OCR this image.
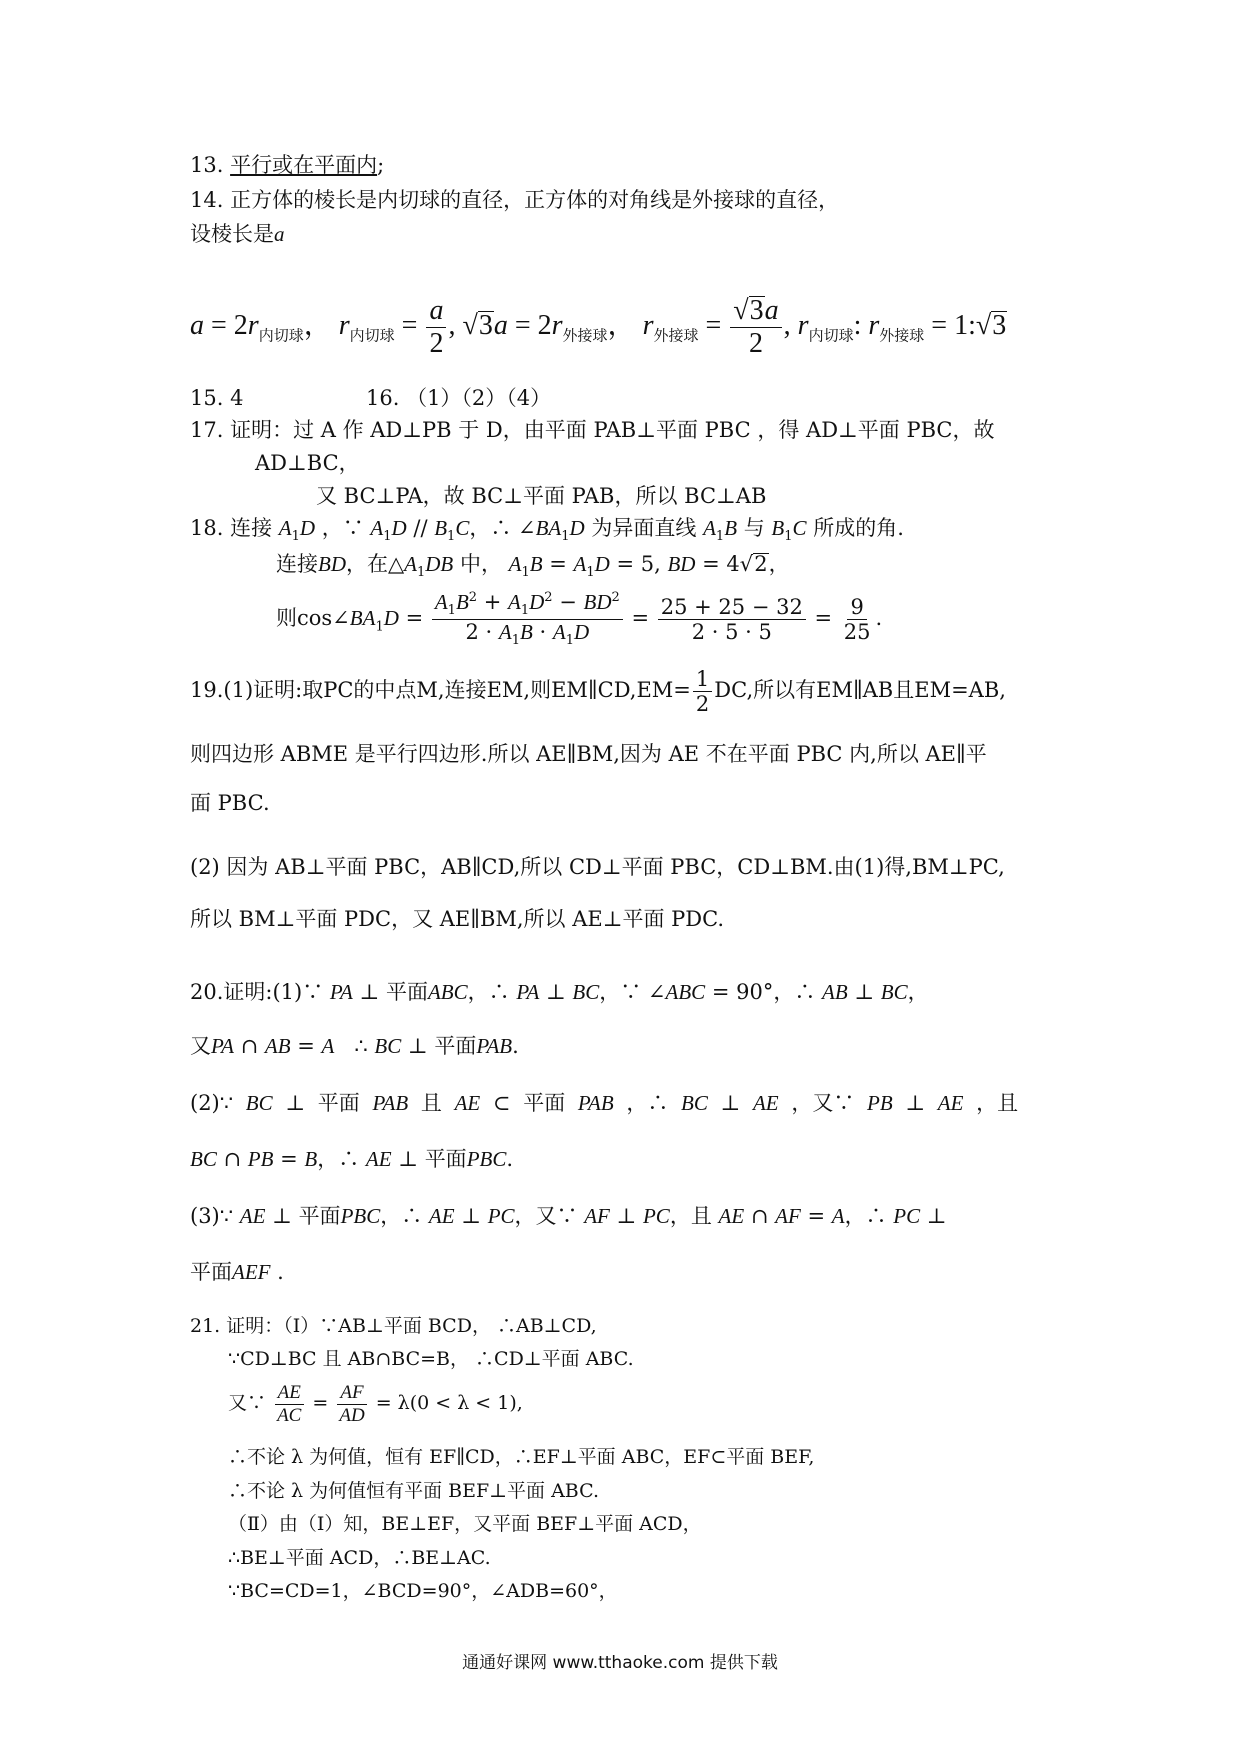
13. 平行或在平面内;
14. 正方体的棱长是内切球的直径，正方体的对角线是外接球的直径，
设棱长是a
$a = 2r_{内切球}$， $r_{内切球} = \frac{a}{2}$ , $√3a = 2r_{外接球}$， $r_{外接球} = \frac{√3a}{2}$ , $r_{内切球}$: $r_{外接球}$ = 1:√3
15. 4	16. （1）（2）（4）
17. 证明：过 A 作 AD⊥PB 于 D，由平面 PAB⊥平面 PBC ，得 AD⊥平面 PBC，故
AD⊥BC，
又 BC⊥PA，故 BC⊥平面 PAB，所以 BC⊥AB
18. 连接 $A_1D$ ，∵ $A_1D // B_1C$，∴ $\angle BA_1D$ 为异面直线 $A_1B$ 与 $B_1C$ 所成的角.
连接BD，在$\triangle A_1DB$ 中， $A_1B = A_1D = 5$, BD = 4√2，
则$\cos\angle BA_1D = \frac{A_1B^2 + A_1D^2 - BD^2}{2 \cdot A_1B \cdot A_1D} = \frac{25 + 25 - 32}{2 \cdot 5 \cdot 5} = \frac{9}{25}$ .
19.(1)证明:取PC的中点M,连接EM,则EM∥CD,EM= $\frac{1}{2}$ DC,所以有EM∥AB且EM=AB,
则四边形 ABME 是平行四边形.所以 AE∥BM,因为 AE 不在平面 PBC 内,所以 AE∥平
面 PBC.
(2) 因为 AB⊥平面 PBC，AB∥CD,所以 CD⊥平面 PBC，CD⊥BM.由(1)得,BM⊥PC,
所以 BM⊥平面 PDC，又 AE∥BM,所以 AE⊥平面 PDC.
20.证明:(1)∵ PA ⊥ 平面ABC，∴ PA ⊥ BC，∵ ∠ABC = 90°，∴ AB ⊥ BC，
又PA ∩ AB = A   ∴ BC ⊥ 平面PAB.
(2)∵ BC ⊥ 平面 PAB 且 AE ⊂ 平面 PAB ，∴ BC ⊥ AE ，又∵ PB ⊥ AE ，且
BC ∩ PB = B，∴ AE ⊥ 平面PBC.
(3)∵ AE ⊥ 平面PBC，∴ AE ⊥ PC，又∵ AF ⊥ PC，且 AE ∩ AF = A，∴ PC ⊥
平面AEF .
21. 证明：（Ⅰ）∵AB⊥平面 BCD， ∴AB⊥CD,
∵CD⊥BC 且 AB∩BC=B， ∴CD⊥平面 ABC.
又∵ $\frac{AE}{AC} = \frac{AF}{AD} = \lambda(0 < \lambda < 1)$,
∴不论 λ 为何值，恒有 EF∥CD，∴EF⊥平面 ABC，EF⊂平面 BEF,
∴不论 λ 为何值恒有平面 BEF⊥平面 ABC.
（Ⅱ）由（Ⅰ）知，BE⊥EF，又平面 BEF⊥平面 ACD，
∴BE⊥平面 ACD，∴BE⊥AC.
∵BC=CD=1，∠BCD=90°，∠ADB=60°，
通通好课网 www.tthaoke.com 提供下载
